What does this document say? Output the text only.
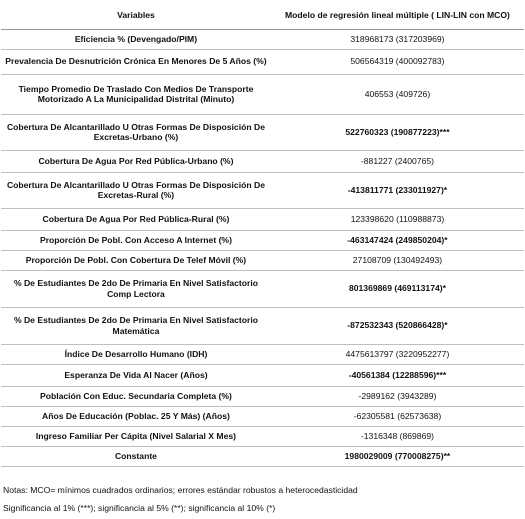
Variables	Modelo de regresión lineal múltiple ( LIN-LIN con MCO)
Eficiencia % (Devengado/PIM)	318968173 (317203969)
Prevalencia De Desnutrición Crónica En Menores De 5 Años (%)	506564319 (400092783)
Tiempo Promedio De Traslado Con Medios De Transporte Motorizado A La Municipalidad Distrital (Minuto)	406553 (409726)
Cobertura De Alcantarillado U Otras Formas De Disposición De Excretas-Urbano (%)	522760323 (190877223)***
Cobertura De Agua Por Red Pública-Urbano (%)	-881227 (2400765)
Cobertura De Alcantarillado U Otras Formas De Disposición De Excretas-Rural (%)	-413811771 (233011927)*
Cobertura De Agua Por Red Pública-Rural (%)	123398620 (110988873)
Proporción De Pobl. Con Acceso A Internet (%)	-463147424 (249850204)*
Proporción De Pobl. Con Cobertura De Telef Móvil (%)	27108709 (130492493)
% De Estudiantes De 2do De Primaria En Nivel Satisfactorio Comp Lectora	801369869 (469113174)*
% De Estudiantes De 2do De Primaria En Nivel Satisfactorio Matemática	-872532343 (520866428)*
Índice De Desarrollo Humano (IDH)	4475613797 (3220952277)
Esperanza De Vida Al Nacer (Años)	-40561384 (12288596)***
Población Con Educ. Secundaria Completa (%)	-2989162 (3943289)
Años De Educación (Poblac. 25 Y Más) (Años)	-62305581 (62573638)
Ingreso Familiar Per Cápita (Nivel Salarial X Mes)	-1316348 (869869)
Constante	1980029009 (770008275)**
Notas: MCO= mínimos cuadrados ordinarios; errores estándar robustos a heterocedasticidad
Significancia al 1% (***); significancia al 5% (**); significancia al 10% (*)
